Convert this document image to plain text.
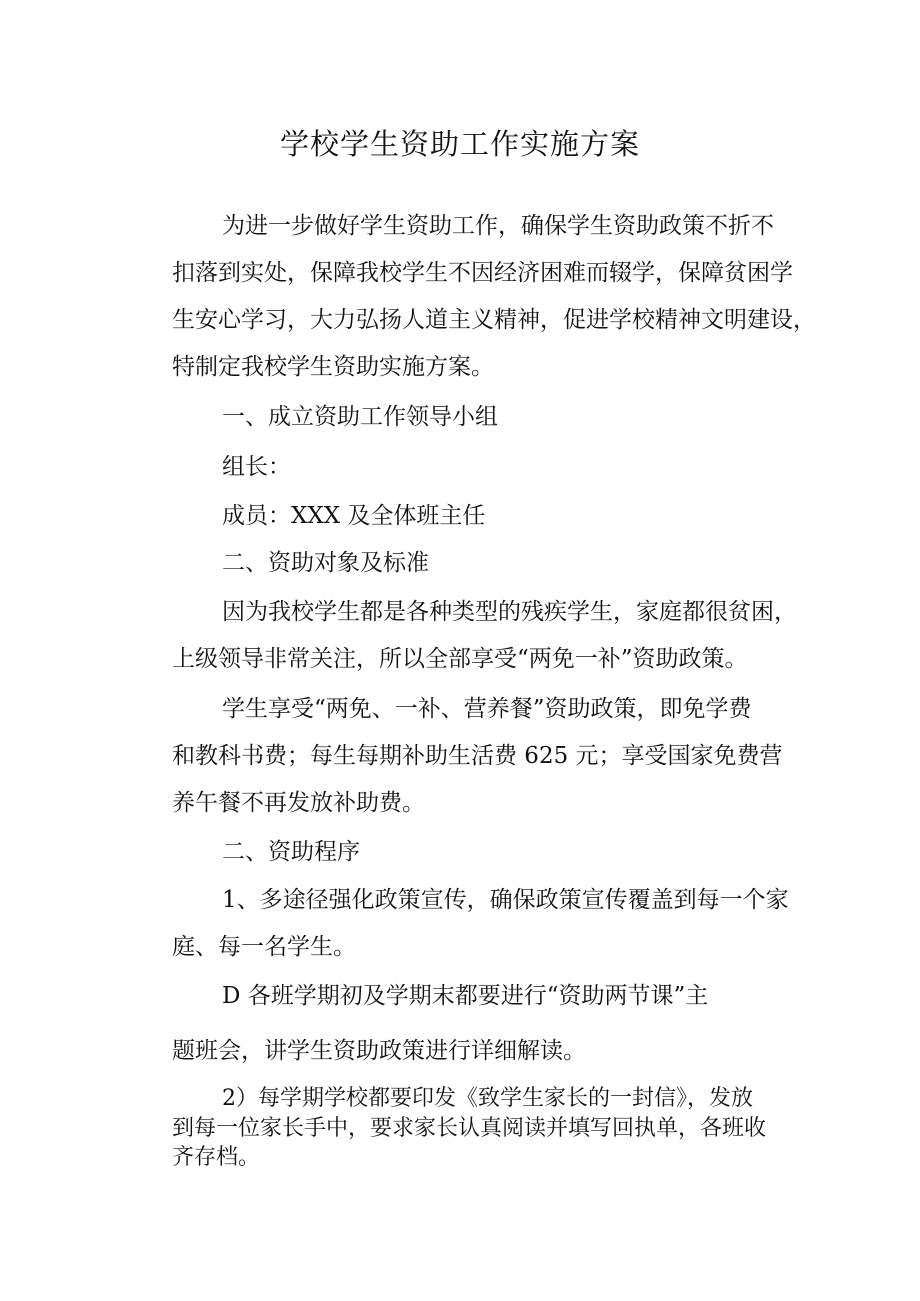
学校学生资助工作实施方案
为进一步做好学生资助工作，确保学生资助政策不折不
扣落到实处，保障我校学生不因经济困难而辍学，保障贫困学
生安心学习，大力弘扬人道主义精神，促进学校精神文明建设，
特制定我校学生资助实施方案。
一、成立资助工作领导小组
组长：
成员：XXX 及全体班主任
二、资助对象及标准
因为我校学生都是各种类型的残疾学生，家庭都很贫困，
上级领导非常关注，所以全部享受“两免一补”资助政策。
学生享受“两免、一补、营养餐”资助政策，即免学费
和教科书费；每生每期补助生活费 625 元；享受国家免费营
养午餐不再发放补助费。
二、资助程序
1、多途径强化政策宣传，确保政策宣传覆盖到每一个家
庭、每一名学生。
D 各班学期初及学期末都要进行“资助两节课”主
题班会，讲学生资助政策进行详细解读。
2）每学期学校都要印发《致学生家长的一封信》，发放
到每一位家长手中，要求家长认真阅读并填写回执单，各班收
齐存档。
